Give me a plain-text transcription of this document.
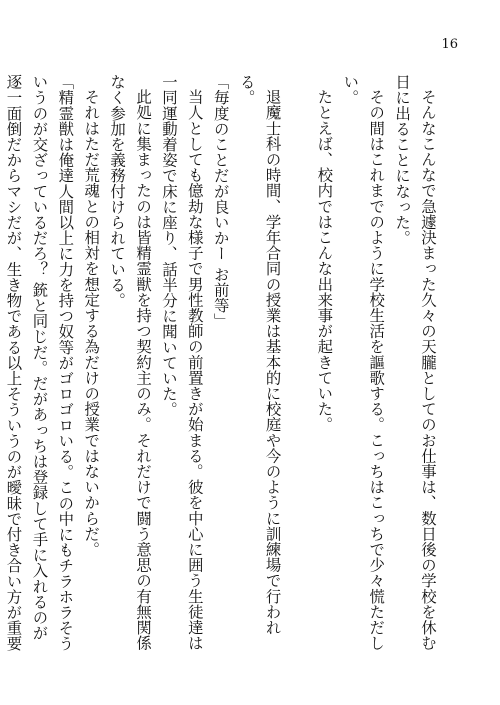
16

そんなこんなで急遽決まった久々の天朧としてのお仕事は、数日後の学校を休む日に出ることになった。

その間はこれまでのように学校生活を謳歌する。こっちはこっちで少々慌ただしい。

たとえば、校内ではこんな出来事が起きていた。

退魔士科の時間、学年合同の授業は基本的に校庭や今のように訓練場で行われる。

「毎度のことだが良いかー お前等」

当人としても億劫な様子で男性教師の前置きが始まる。彼を中心に囲う生徒達は一同運動着姿で床に座り、話半分に聞いていた。

此処に集まったのは皆精霊獣を持つ契約主のみ。それだけで闘う意思の有無関係なく参加を義務付けられている。

それはただ荒魂との相対を想定する為だけの授業ではないからだ。

「精霊獣は俺達人間以上に力を持つ奴等がゴロゴロいる。この中にもチラホラそういうのが交ざっているだろ？ 銃と同じだ。だがあっちは登録して手に入れるのが逐一面倒だからマシだが、生き物である以上そういうのが曖昧で付き合い方が重要
